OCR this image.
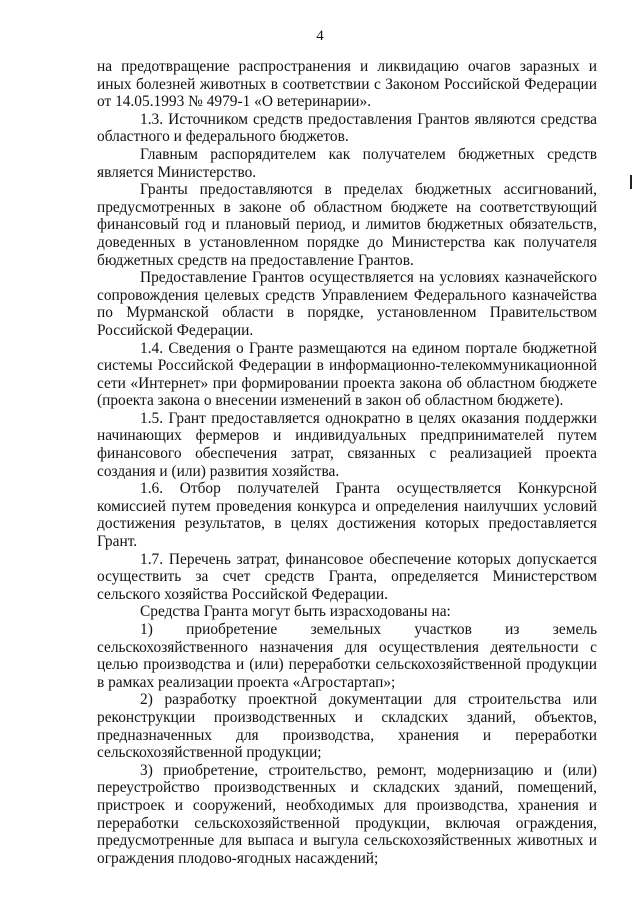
4

на предотвращение распространения и ликвидацию очагов заразных и иных болезней животных в соответствии с Законом Российской Федерации от 14.05.1993 № 4979-1 «О ветеринарии».

1.3. Источником средств предоставления Грантов являются средства областного и федерального бюджетов.

Главным распорядителем как получателем бюджетных средств является Министерство.

Гранты предоставляются в пределах бюджетных ассигнований, предусмотренных в законе об областном бюджете на соответствующий финансовый год и плановый период, и лимитов бюджетных обязательств, доведенных в установленном порядке до Министерства как получателя бюджетных средств на предоставление Грантов.

Предоставление Грантов осуществляется на условиях казначейского сопровождения целевых средств Управлением Федерального казначейства по Мурманской области в порядке, установленном Правительством Российской Федерации.

1.4. Сведения о Гранте размещаются на едином портале бюджетной системы Российской Федерации в информационно-телекоммуникационной сети «Интернет» при формировании проекта закона об областном бюджете (проекта закона о внесении изменений в закон об областном бюджете).

1.5. Грант предоставляется однократно в целях оказания поддержки начинающих фермеров и индивидуальных предпринимателей путем финансового обеспечения затрат, связанных с реализацией проекта создания и (или) развития хозяйства.

1.6. Отбор получателей Гранта осуществляется Конкурсной комиссией путем проведения конкурса и определения наилучших условий достижения результатов, в целях достижения которых предоставляется Грант.

1.7. Перечень затрат, финансовое обеспечение которых допускается осуществить за счет средств Гранта, определяется Министерством сельского хозяйства Российской Федерации.

Средства Гранта могут быть израсходованы на:

1) приобретение земельных участков из земель сельскохозяйственного назначения для осуществления деятельности с целью производства и (или) переработки сельскохозяйственной продукции в рамках реализации проекта «Агростартап»;

2) разработку проектной документации для строительства или реконструкции производственных и складских зданий, объектов, предназначенных для производства, хранения и переработки сельскохозяйственной продукции;

3) приобретение, строительство, ремонт, модернизацию и (или) переустройство производственных и складских зданий, помещений, пристроек и сооружений, необходимых для производства, хранения и переработки сельскохозяйственной продукции, включая ограждения, предусмотренные для выпаса и выгула сельскохозяйственных животных и ограждения плодово-ягодных насаждений;
